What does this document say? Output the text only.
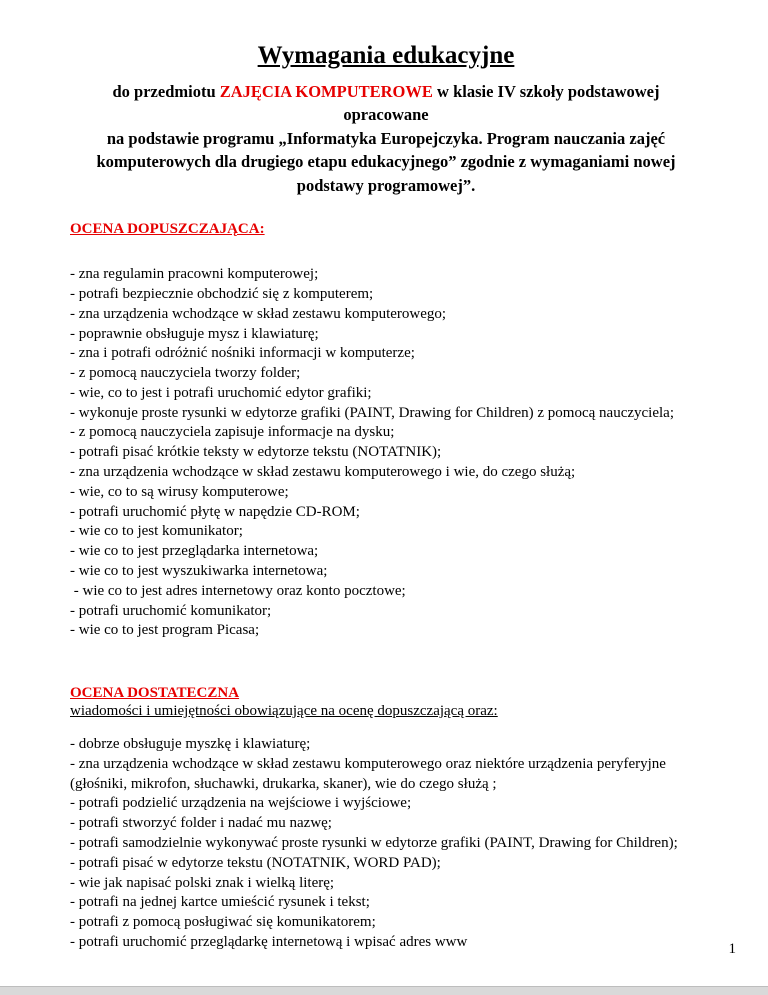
Wymagania edukacyjne

do przedmiotu ZAJĘCIA KOMPUTEROWE w klasie IV szkoły podstawowej

opracowane

na podstawie programu „Informatyka Europejczyka. Program nauczania zajęć komputerowych dla drugiego etapu edukacyjnego” zgodnie z wymaganiami nowej podstawy programowej”.

OCENA DOPUSZCZAJĄCA:

- zna regulamin pracowni komputerowej;
- potrafi bezpiecznie obchodzić się z komputerem;
- zna urządzenia wchodzące w skład zestawu komputerowego;
- poprawnie obsługuje mysz i klawiaturę;
- zna i potrafi odróżnić nośniki informacji w komputerze;
- z pomocą nauczyciela tworzy folder;
- wie, co to jest i potrafi uruchomić edytor grafiki;
- wykonuje proste rysunki w edytorze grafiki (PAINT, Drawing for Children) z pomocą nauczyciela;
- z pomocą nauczyciela zapisuje informacje na dysku;
- potrafi pisać krótkie teksty w edytorze tekstu (NOTATNIK);
- zna urządzenia wchodzące w skład zestawu komputerowego i wie, do czego służą;
- wie, co to są wirusy komputerowe;
- potrafi uruchomić płytę w napędzie CD-ROM;
- wie co to jest komunikator;
- wie co to jest przeglądarka internetowa;
- wie co to jest wyszukiwarka internetowa;
- wie co to jest adres internetowy oraz konto pocztowe;
- potrafi uruchomić komunikator;
- wie co to jest program Picasa;

OCENA DOSTATECZNA

wiadomości i umiejętności obowiązujące na ocenę dopuszczającą oraz:

- dobrze obsługuje myszkę i klawiaturę;
- zna urządzenia wchodzące w skład zestawu komputerowego oraz niektóre urządzenia peryferyjne (głośniki, mikrofon, słuchawki, drukarka, skaner), wie do czego służą ;
- potrafi podzielić urządzenia na wejściowe i wyjściowe;
- potrafi stworzyć folder i nadać mu nazwę;
- potrafi samodzielnie wykonywać proste rysunki w edytorze grafiki (PAINT, Drawing for Children);
- potrafi pisać w edytorze tekstu (NOTATNIK, WORD PAD);
- wie jak napisać polski znak i wielką literę;
- potrafi na jednej kartce umieścić rysunek i tekst;
- potrafi z pomocą posługiwać się komunikatorem;
- potrafi uruchomić przeglądarkę internetową i wpisać adres www	1
